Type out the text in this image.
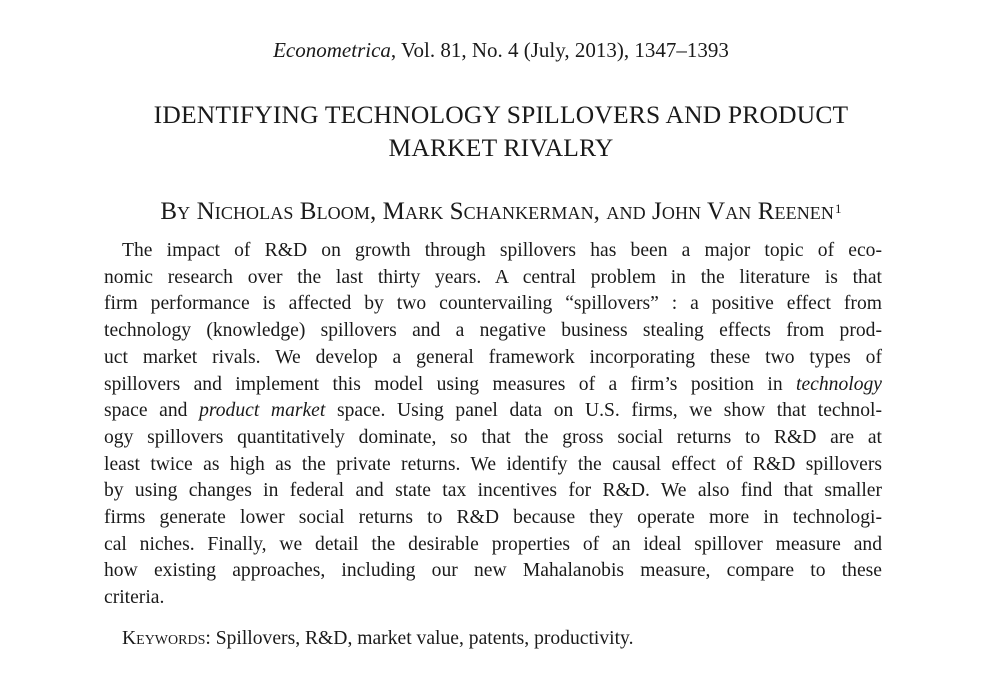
Econometrica, Vol. 81, No. 4 (July, 2013), 1347–1393
IDENTIFYING TECHNOLOGY SPILLOVERS AND PRODUCT
MARKET RIVALRY
By Nicholas Bloom, Mark Schankerman, and John Van Reenen$^1$
The impact of R&D on growth through spillovers has been a major topic of eco-
nomic research over the last thirty years. A central problem in the literature is that
firm performance is affected by two countervailing “spillovers” : a positive effect from
technology (knowledge) spillovers and a negative business stealing effects from prod-
uct market rivals. We develop a general framework incorporating these two types of
spillovers and implement this model using measures of a firm’s position in technology
space and product market space. Using panel data on U.S. firms, we show that technol-
ogy spillovers quantitatively dominate, so that the gross social returns to R&D are at
least twice as high as the private returns. We identify the causal effect of R&D spillovers
by using changes in federal and state tax incentives for R&D. We also find that smaller
firms generate lower social returns to R&D because they operate more in technologi-
cal niches. Finally, we detail the desirable properties of an ideal spillover measure and
how existing approaches, including our new Mahalanobis measure, compare to these
criteria.
Keywords: Spillovers, R&D, market value, patents, productivity.
